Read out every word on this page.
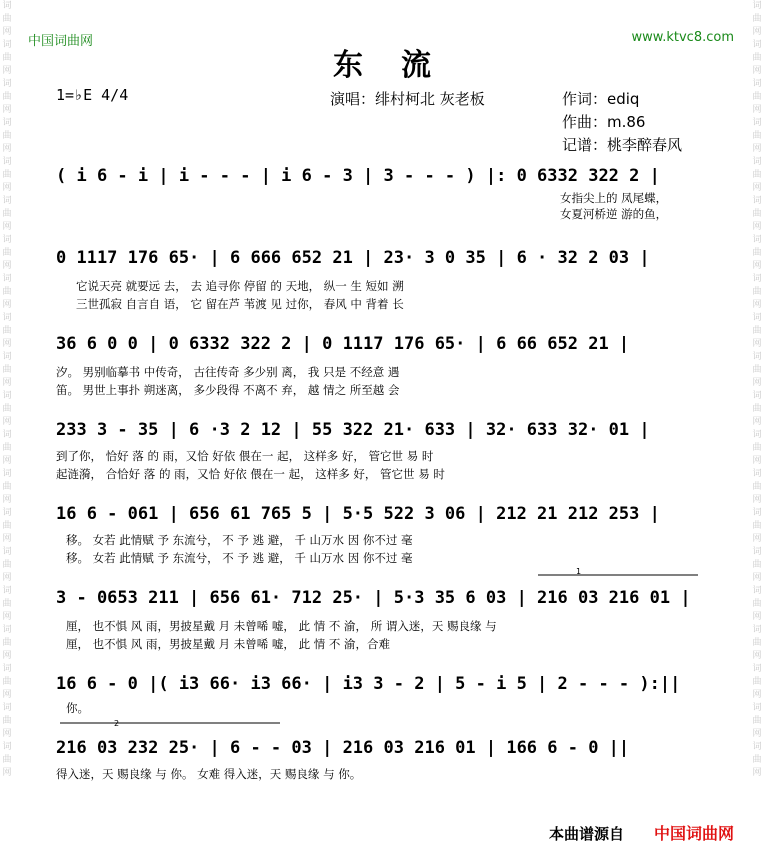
词 曲 网 词 曲 网 词 曲 网 词 曲 网 词 曲 网 词 曲 网 词 曲 网 词 曲 网 词 曲 网 词 曲 网 词 曲 网 词 曲 网 词 曲 网 词 曲 网 词 曲 网 词 曲 网 词 曲 网 词 曲 网 词 曲 网 词 曲 网
词 曲 网 词 曲 网 词 曲 网 词 曲 网 词 曲 网 词 曲 网 词 曲 网 词 曲 网 词 曲 网 词 曲 网 词 曲 网 词 曲 网 词 曲 网 词 曲 网 词 曲 网 词 曲 网 词 曲 网 词 曲 网 词 曲 网 词 曲 网
中国词曲网	www.ktvc8.com
东流
1=♭E 4/4	演唱：绯村柯北 灰老板	作词：ediq
作曲：m.86
记谱：桃李醉春风
( i 6 - i | i - - - | i 6 - 3 | 3 - - - ) |: 0 6332 322 2 |
女指尖上的 凤尾蝶，
女夏河桥逆 游的鱼，
0 1117 176 65· | 6 666 652 21 | 23· 3 0 35 | 6 · 32 2 03 |
它说天亮 就要远 去， 去 追寻你 停留 的 天地， 纵一 生 短如 溯
三世孤寂 自言自 语， 它 留在芦 苇渡 见 过你， 春风 中 背着 长
36 6 0 0 | 0 6332 322 2 | 0 1117 176 65· | 6 66 652 21 |
汐。 男别临摹书 中传奇， 古往传奇 多少别 离， 我 只是 不经意 遇
笛。 男世上事扑 朔迷离， 多少段得 不离不 弃， 越 情之 所至越 会
233 3 - 35 | 6 ·3 2 12 | 55 322 21· 633 | 32· 633 32· 01 |
到了你， 恰好 落 的 雨，又恰 好依 偎在一 起， 这样多 好， 管它世 易 时
起涟漪， 合恰好 落 的 雨，又恰 好依 偎在一 起， 这样多 好， 管它世 易 时
16 6 - 061 | 656 61 765 5 | 5·5 522 3 06 | 212 21 212 253 |
移。 女若 此情赋 予 东流兮， 不 予 逃 避， 千 山万水 因 你不过 毫
移。 女若 此情赋 予 东流兮， 不 予 逃 避， 千 山万水 因 你不过 毫
3 - 0653 211 | 656 61· 712 25· | 5·3 35 6 03 | 216 03 216 01 |
厘， 也不惧 风 雨，男披星戴 月 未曾唏 嘘， 此 情 不 渝， 所 谓入迷，天 赐良缘 与
厘， 也不惧 风 雨，男披星戴 月 未曾唏 嘘， 此 情 不 渝，合难
16 6 - 0 |( i3 66· i3 66· | i3 3 - 2 | 5 - i 5 | 2 - - - ):||
你。
216 03 232 25· | 6 - - 03 | 216 03 216 01 | 166 6 - 0 ||
得入迷，天 赐良缘 与 你。 女难 得入迷，天 赐良缘 与 你。
1
2
本曲谱源自 中国词曲网
